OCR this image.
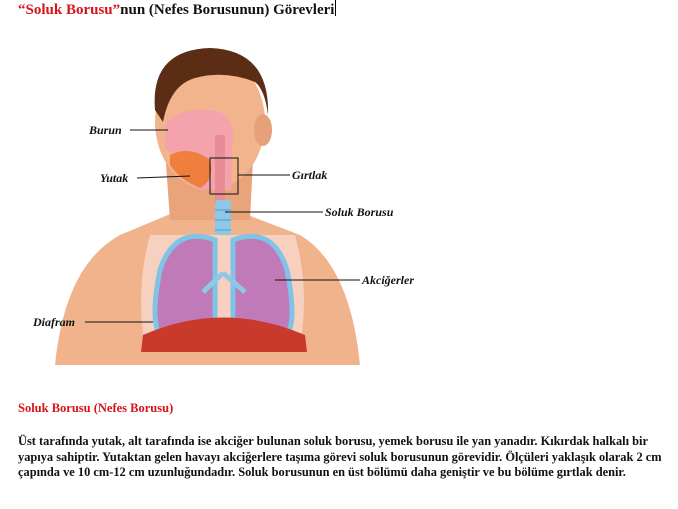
“Soluk Borusu”nun (Nefes Borusunun) Görevleri
Burun
Yutak	Gırtlak
Soluk Borusu
Akciğerler
Diafram
Soluk Borusu (Nefes Borusu)
Üst tarafında yutak, alt tarafında ise akciğer bulunan soluk borusu, yemek borusu ile yan yanadır. Kıkırdak halkalı bir yapıya sahiptir. Yutaktan gelen havayı akciğerlere taşıma görevi soluk borusunun görevidir. Ölçüleri yaklaşık olarak 2 cm çapında ve 10 cm-12 cm uzunluğundadır. Soluk borusunun en üst bölümü daha geniştir ve bu bölüme gırtlak denir.
